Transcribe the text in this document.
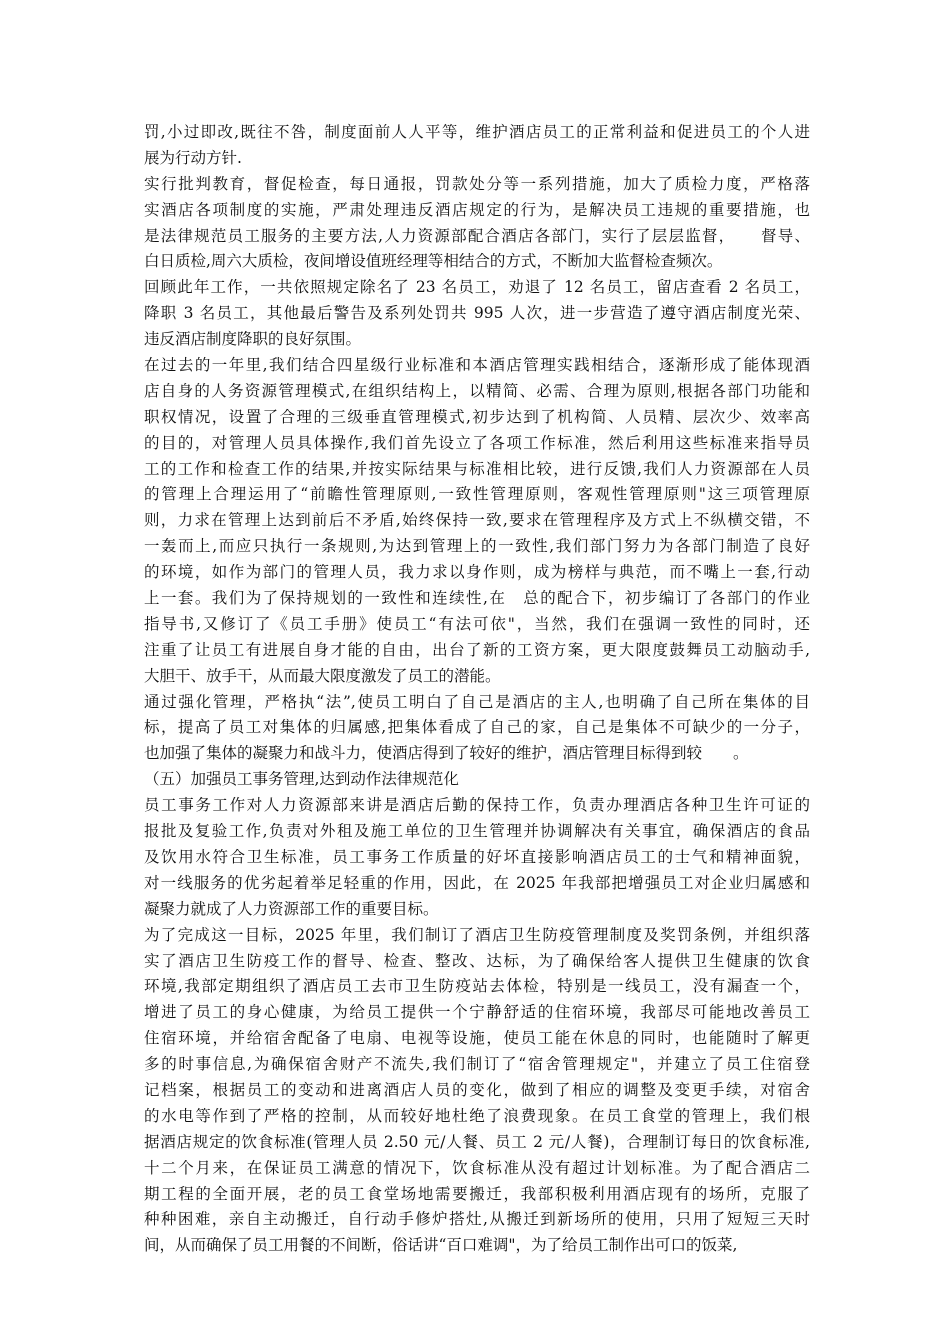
罚,小过即改,既往不咎，制度面前人人平等，维护酒店员工的正常利益和促进员工的个人进
展为行动方针.
实行批判教育，督促检查，每日通报，罚款处分等一系列措施，加大了质检力度，严格落
实酒店各项制度的实施，严肃处理违反酒店规定的行为，是解决员工违规的重要措施，也
是法律规范员工服务的主要方法,人力资源部配合酒店各部门，实行了层层监督，　　督导、
白日质检,周六大质检，夜间增设值班经理等相结合的方式，不断加大监督检查频次。
回顾此年工作，一共依照规定除名了 23 名员工，劝退了 12 名员工，留店查看 2 名员工，
降职 3 名员工，其他最后警告及系列处罚共 995 人次，进一步营造了遵守酒店制度光荣、
违反酒店制度降职的良好氛围。
在过去的一年里,我们结合四星级行业标准和本酒店管理实践相结合，逐渐形成了能体现酒
店自身的人务资源管理模式,在组织结构上，以精简、必需、合理为原则,根据各部门功能和
职权情况，设置了合理的三级垂直管理模式,初步达到了机构简、人员精、层次少、效率高
的目的，对管理人员具体操作,我们首先设立了各项工作标准，然后利用这些标准来指导员
工的工作和检查工作的结果,并按实际结果与标准相比较，进行反馈,我们人力资源部在人员
的管理上合理运用了“前瞻性管理原则,一致性管理原则，客观性管理原则"这三项管理原
则，力求在管理上达到前后不矛盾,始终保持一致,要求在管理程序及方式上不纵横交错，不
一轰而上,而应只执行一条规则,为达到管理上的一致性,我们部门努力为各部门制造了良好
的环境，如作为部门的管理人员，我力求以身作则，成为榜样与典范，而不嘴上一套,行动
上一套。我们为了保持规划的一致性和连续性,在　总的配合下，初步编订了各部门的作业
指导书,又修订了《员工手册》使员工“有法可依"，当然，我们在强调一致性的同时，还
注重了让员工有进展自身才能的自由，出台了新的工资方案，更大限度鼓舞员工动脑动手,
大胆干、放手干，从而最大限度激发了员工的潜能。
通过强化管理，严格执“法”,使员工明白了自己是酒店的主人,也明确了自己所在集体的目
标，提高了员工对集体的归属感,把集体看成了自己的家，自己是集体不可缺少的一分子，
也加强了集体的凝聚力和战斗力，使酒店得到了较好的维护，酒店管理目标得到较　　。
（五）加强员工事务管理,达到动作法律规范化
员工事务工作对人力资源部来讲是酒店后勤的保持工作，负责办理酒店各种卫生许可证的
报批及复验工作,负责对外租及施工单位的卫生管理并协调解决有关事宜，确保酒店的食品
及饮用水符合卫生标准，员工事务工作质量的好坏直接影响酒店员工的士气和精神面貌，
对一线服务的优劣起着举足轻重的作用，因此，在 2025 年我部把增强员工对企业归属感和
凝聚力就成了人力资源部工作的重要目标。
为了完成这一目标，2025 年里，我们制订了酒店卫生防疫管理制度及奖罚条例，并组织落
实了酒店卫生防疫工作的督导、检查、整改、达标，为了确保给客人提供卫生健康的饮食
环境,我部定期组织了酒店员工去市卫生防疫站去体检，特别是一线员工，没有漏查一个，
增进了员工的身心健康，为给员工提供一个宁静舒适的住宿环境，我部尽可能地改善员工
住宿环境，并给宿舍配备了电扇、电视等设施，使员工能在休息的同时，也能随时了解更
多的时事信息,为确保宿舍财产不流失,我们制订了“宿舍管理规定"，并建立了员工住宿登
记档案，根据员工的变动和进离酒店人员的变化，做到了相应的调整及变更手续，对宿舍
的水电等作到了严格的控制，从而较好地杜绝了浪费现象。在员工食堂的管理上，我们根
据酒店规定的饮食标准(管理人员 2.50 元/人餐、员工 2 元/人餐)，合理制订每日的饮食标准,
十二个月来，在保证员工满意的情况下，饮食标准从没有超过计划标准。为了配合酒店二
期工程的全面开展，老的员工食堂场地需要搬迁，我部积极利用酒店现有的场所，克服了
种种困难，亲自主动搬迁，自行动手修炉搭灶,从搬迁到新场所的使用，只用了短短三天时
间，从而确保了员工用餐的不间断，俗话讲“百口难调"，为了给员工制作出可口的饭菜,
